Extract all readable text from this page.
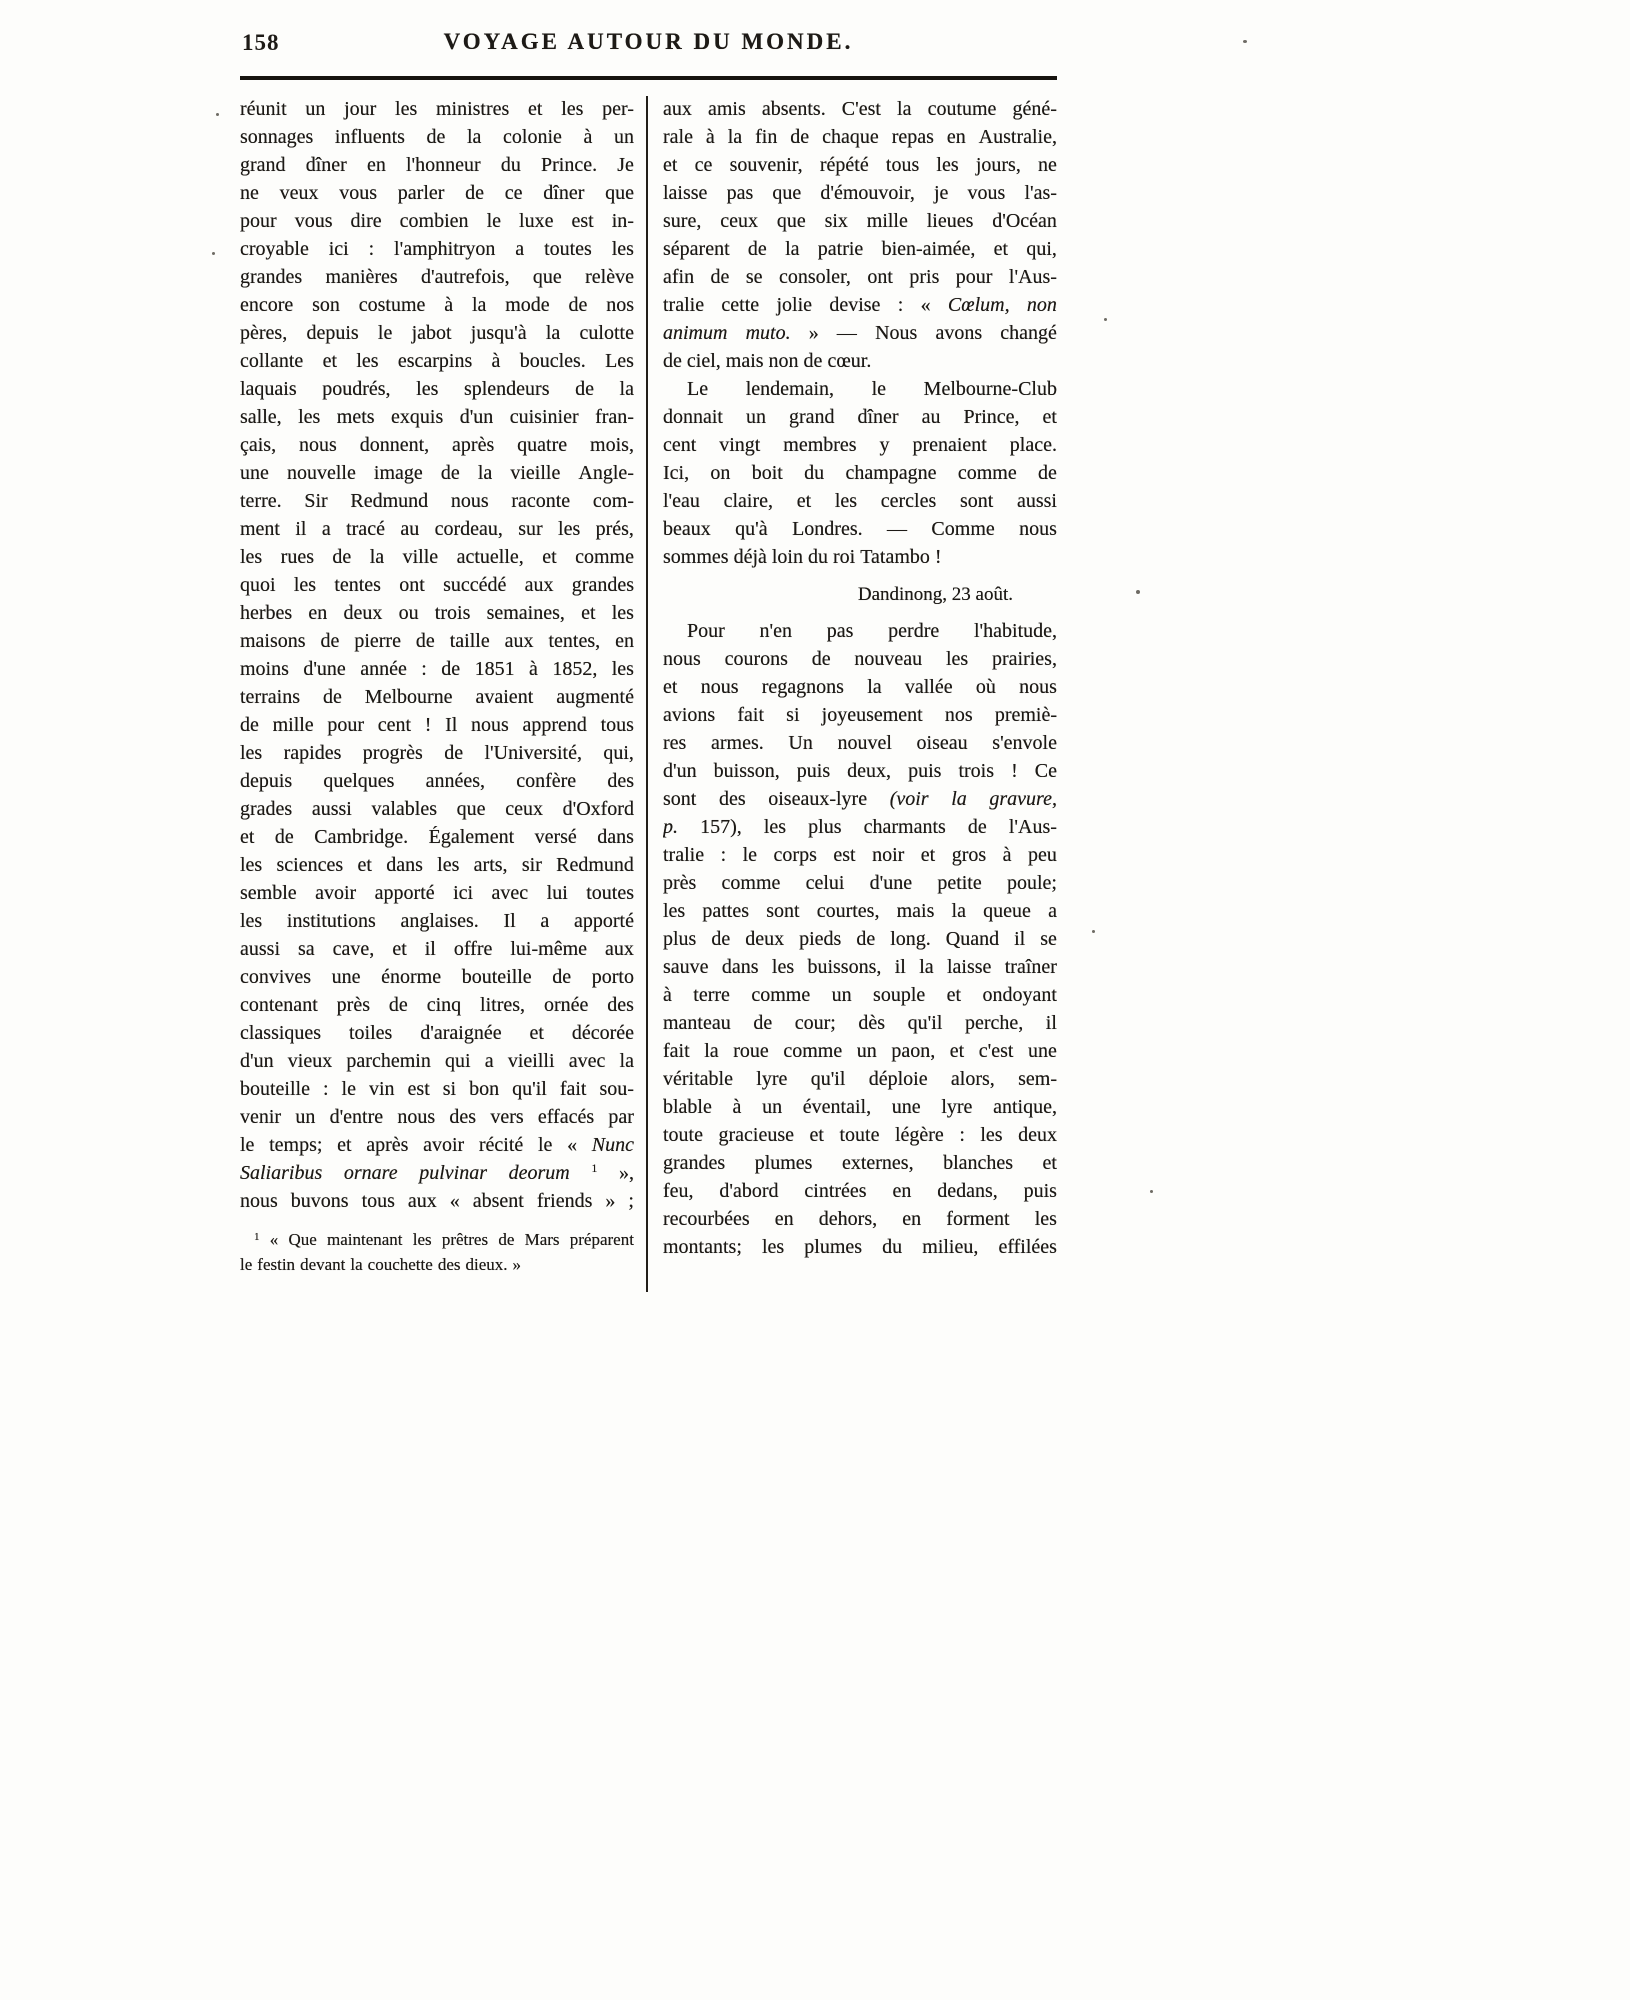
158	VOYAGE AUTOUR DU MONDE.
réunit un jour les ministres et les per-
sonnages influents de la colonie à un
grand dîner en l'honneur du Prince. Je
ne veux vous parler de ce dîner que
pour vous dire combien le luxe est in-
croyable ici : l'amphitryon a toutes les
grandes manières d'autrefois, que relève
encore son costume à la mode de nos
pères, depuis le jabot jusqu'à la culotte
collante et les escarpins à boucles. Les
laquais poudrés, les splendeurs de la
salle, les mets exquis d'un cuisinier fran-
çais, nous donnent, après quatre mois,
une nouvelle image de la vieille Angle-
terre. Sir Redmund nous raconte com-
ment il a tracé au cordeau, sur les prés,
les rues de la ville actuelle, et comme
quoi les tentes ont succédé aux grandes
herbes en deux ou trois semaines, et les
maisons de pierre de taille aux tentes, en
moins d'une année : de 1851 à 1852, les
terrains de Melbourne avaient augmenté
de mille pour cent ! Il nous apprend tous
les rapides progrès de l'Université, qui,
depuis quelques années, confère des
grades aussi valables que ceux d'Oxford
et de Cambridge. Également versé dans
les sciences et dans les arts, sir Redmund
semble avoir apporté ici avec lui toutes
les institutions anglaises. Il a apporté
aussi sa cave, et il offre lui-même aux
convives une énorme bouteille de porto
contenant près de cinq litres, ornée des
classiques toiles d'araignée et décorée
d'un vieux parchemin qui a vieilli avec la
bouteille : le vin est si bon qu'il fait sou-
venir un d'entre nous des vers effacés par
le temps; et après avoir récité le « Nunc
Saliaribus ornare pulvinar deorum 1 »,
nous buvons tous aux « absent friends » ;
1 « Que maintenant les prêtres de Mars préparent
le festin devant la couchette des dieux. »
aux amis absents. C'est la coutume géné-
rale à la fin de chaque repas en Australie,
et ce souvenir, répété tous les jours, ne
laisse pas que d'émouvoir, je vous l'as-
sure, ceux que six mille lieues d'Océan
séparent de la patrie bien-aimée, et qui,
afin de se consoler, ont pris pour l'Aus-
tralie cette jolie devise : « Cœlum, non
animum muto. » — Nous avons changé
de ciel, mais non de cœur.
Le lendemain, le Melbourne-Club
donnait un grand dîner au Prince, et
cent vingt membres y prenaient place.
Ici, on boit du champagne comme de
l'eau claire, et les cercles sont aussi
beaux qu'à Londres. — Comme nous
sommes déjà loin du roi Tatambo !
Dandinong, 23 août.
Pour n'en pas perdre l'habitude,
nous courons de nouveau les prairies,
et nous regagnons la vallée où nous
avions fait si joyeusement nos premiè-
res armes. Un nouvel oiseau s'envole
d'un buisson, puis deux, puis trois ! Ce
sont des oiseaux-lyre (voir la gravure,
p. 157), les plus charmants de l'Aus-
tralie : le corps est noir et gros à peu
près comme celui d'une petite poule;
les pattes sont courtes, mais la queue a
plus de deux pieds de long. Quand il se
sauve dans les buissons, il la laisse traîner
à terre comme un souple et ondoyant
manteau de cour; dès qu'il perche, il
fait la roue comme un paon, et c'est une
véritable lyre qu'il déploie alors, sem-
blable à un éventail, une lyre antique,
toute gracieuse et toute légère : les deux
grandes plumes externes, blanches et
feu, d'abord cintrées en dedans, puis
recourbées en dehors, en forment les
montants; les plumes du milieu, effilées
